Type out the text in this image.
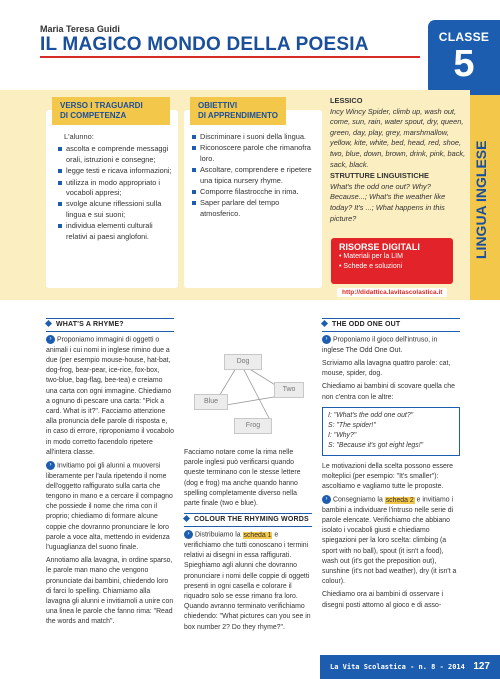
Maria Teresa Guidi
IL MAGICO MONDO DELLA POESIA	CLASSE
5
LINGUA INGLESE
L'alunno:
ascolta e comprende messaggi orali, istruzioni e consegne;
legge testi e ricava informazioni;
utilizza in modo appropriato i vocaboli appresi;
svolge alcune riflessioni sulla lingua e sui suoni;
individua elementi culturali relativi ai paesi anglofoni.
VERSO I TRAGUARDI
DI COMPETENZA
Discriminare i suoni della lingua.
Riconoscere parole che rimanofra loro.
Ascoltare, comprendere e ripetere una tipica nursery rhyme.
Comporre filastrocche in rima.
Saper parlare del tempo atmosferico.
OBIETTIVI
DI APPRENDIMENTO
LESSICO
Incy Wincy Spider, climb up, wash out, come, sun, rain, water spout, dry, queen, green, day, play, grey, marshmallow, yellow, kite, white, bed, head, red, shoe, two, blue, down, brown, drink, pink, back, sack, black.
STRUTTURE LINGUISTICHE
What's the odd one out? Why? Because...; What's the weather like today? It's ...; What happens in this picture?
RISORSE DIGITALI
• Materiali per la LIM
• Schede e soluzioni
http://didattica.lavitascolastica.it
WHAT'S A RHYME?

› Proponiamo immagini di oggetti o animali i cui nomi in inglese rimino due a due (per esempio mouse-house, hat-bat, dog-frog, bear-pear, ice-rice, fox-box, two-blue, bag-flag, bee-tea) e creiamo una carta con ogni immagine. Chiediamo a ognuno di pescare una carta: "Pick a card. What is it?". Facciamo attenzione alla pronuncia delle parole di risposta e, in caso di errore, riproponiamo il vocabolo in modo corretto facendolo ripetere all'intera classe.

› Invitiamo poi gli alunni a muoversi liberamente per l'aula ripetendo il nome dell'oggetto raffigurato sulla carta che tengono in mano e a cercare il compagno che possiede il nome che rima con il proprio; chiediamo di formare alcune coppie che dovranno pronunciare le loro parole a voce alta, mettendo in evidenza l'uguaglianza del suono finale.

Annotiamo alla lavagna, in ordine sparso, le parole man mano che vengono pronunciate dai bambini, chiedendo loro di farci lo spelling. Chiamiamo alla lavagna gli alunni e invitiamoli a unire con una linea le parole che fanno rima: "Read the words and match".

Dog
Two
Blue
Frog

Facciamo notare come la rima nelle parole inglesi può verificarsi quando queste terminano con le stesse lettere (dog e frog) ma anche quando hanno spelling completamente diverso nella parte finale (two e blue).

COLOUR THE RHYMING WORDS

› Distribuiamo la scheda 1 e verifichiamo che tutti conoscano i termini relativi ai disegni in essa raffigurati. Spieghiamo agli alunni che dovranno pronunciare i nomi delle coppie di oggetti presenti in ogni casella e colorare il riquadro solo se esse rimano fra loro. Quando avranno terminato verifichiamo chiedendo: "What pictures can you see in box number 2? Do they rhyme?".

THE ODD ONE OUT

› Proponiamo il gioco dell'intruso, in inglese The Odd One Out.

Scriviamo alla lavagna quattro parole: cat, mouse, spider, dog.

Chiediamo ai bambini di scovare quella che non c'entra con le altre:

I: "What's the odd one out?"
S: "The spider!"
I: "Why?"
S: "Because it's got eight legs!"

Le motivazioni della scelta possono essere molteplici (per esempio: "It's smaller"): ascoltiamo e vagliamo tutte le proposte.

› Consegniamo la scheda 2 e invitiamo i bambini a individuare l'intruso nelle serie di parole elencate. Verifichiamo che abbiano isolato i vocaboli giusti e chiediamo spiegazioni per la loro scelta: climbing (a sport with no ball), spout (it isn't a food), wash out (it's got the preposition out), sunshine (it's not bad weather), dry (it isn't a colour).

Chiediamo ora ai bambini di osservare i disegni posti attorno al gioco e di asso-

La Vita Scolastica - n. 8 - 2014 127
